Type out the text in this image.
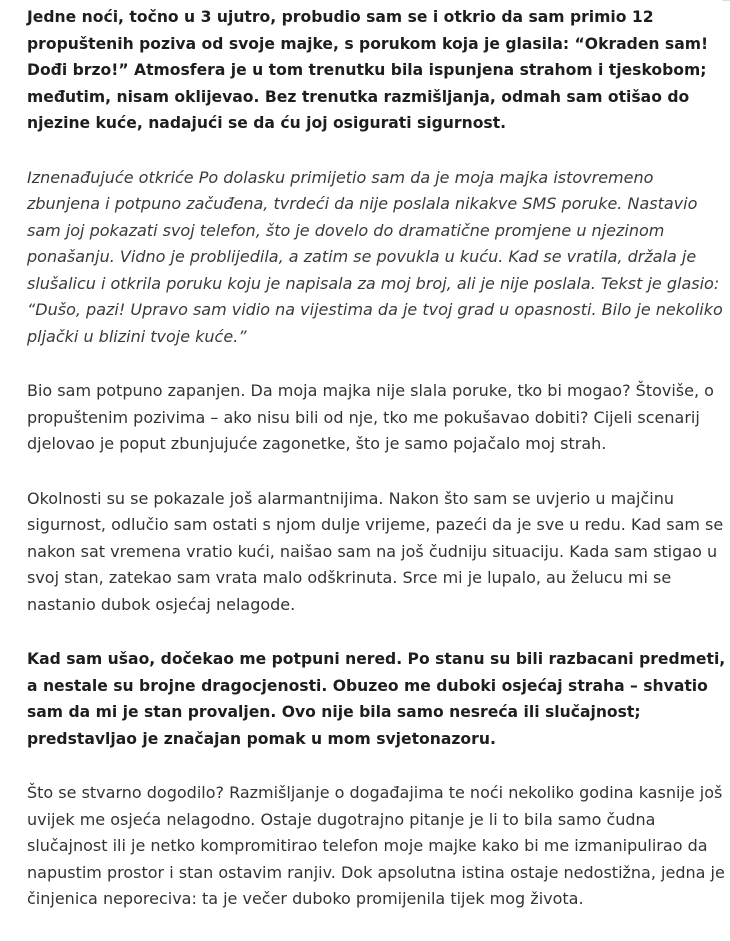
Jedne noći, točno u 3 ujutro, probudio sam se i otkrio da sam primio 12 propuštenih poziva od svoje majke, s porukom koja je glasila: “Okraden sam! Dođi brzo!” Atmosfera je u tom trenutku bila ispunjena strahom i tjeskobom; međutim, nisam oklijevao. Bez trenutka razmišljanja, odmah sam otišao do njezine kuće, nadajući se da ću joj osigurati sigurnost.

Iznenađujuće otkriće Po dolasku primijetio sam da je moja majka istovremeno zbunjena i potpuno začuđena, tvrdeći da nije poslala nikakve SMS poruke. Nastavio sam joj pokazati svoj telefon, što je dovelo do dramatične promjene u njezinom ponašanju. Vidno je problijedila, a zatim se povukla u kuću. Kad se vratila, držala je slušalicu i otkrila poruku koju je napisala za moj broj, ali je nije poslala. Tekst je glasio: “Dušo, pazi! Upravo sam vidio na vijestima da je tvoj grad u opasnosti. Bilo je nekoliko pljački u blizini tvoje kuće.”

Bio sam potpuno zapanjen. Da moja majka nije slala poruke, tko bi mogao? Štoviše, o propuštenim pozivima – ako nisu bili od nje, tko me pokušavao dobiti? Cijeli scenarij djelovao je poput zbunjujuće zagonetke, što je samo pojačalo moj strah.

Okolnosti su se pokazale još alarmantnijima. Nakon što sam se uvjerio u majčinu sigurnost, odlučio sam ostati s njom dulje vrijeme, pazeći da je sve u redu. Kad sam se nakon sat vremena vratio kući, naišao sam na još čudniju situaciju. Kada sam stigao u svoj stan, zatekao sam vrata malo odškrinuta. Srce mi je lupalo, au želucu mi se nastanio dubok osjećaj nelagode.

Kad sam ušao, dočekao me potpuni nered. Po stanu su bili razbacani predmeti, a nestale su brojne dragocjenosti. Obuzeo me duboki osjećaj straha – shvatio sam da mi je stan provaljen. Ovo nije bila samo nesreća ili slučajnost; predstavljao je značajan pomak u mom svjetonazoru.

Što se stvarno dogodilo? Razmišljanje o događajima te noći nekoliko godina kasnije još uvijek me osjeća nelagodno. Ostaje dugotrajno pitanje je li to bila samo čudna slučajnost ili je netko kompromitirao telefon moje majke kako bi me izmanipulirao da napustim prostor i stan ostavim ranjiv. Dok apsolutna istina ostaje nedostižna, jedna je činjenica neporeciva: ta je večer duboko promijenila tijek mog života.
